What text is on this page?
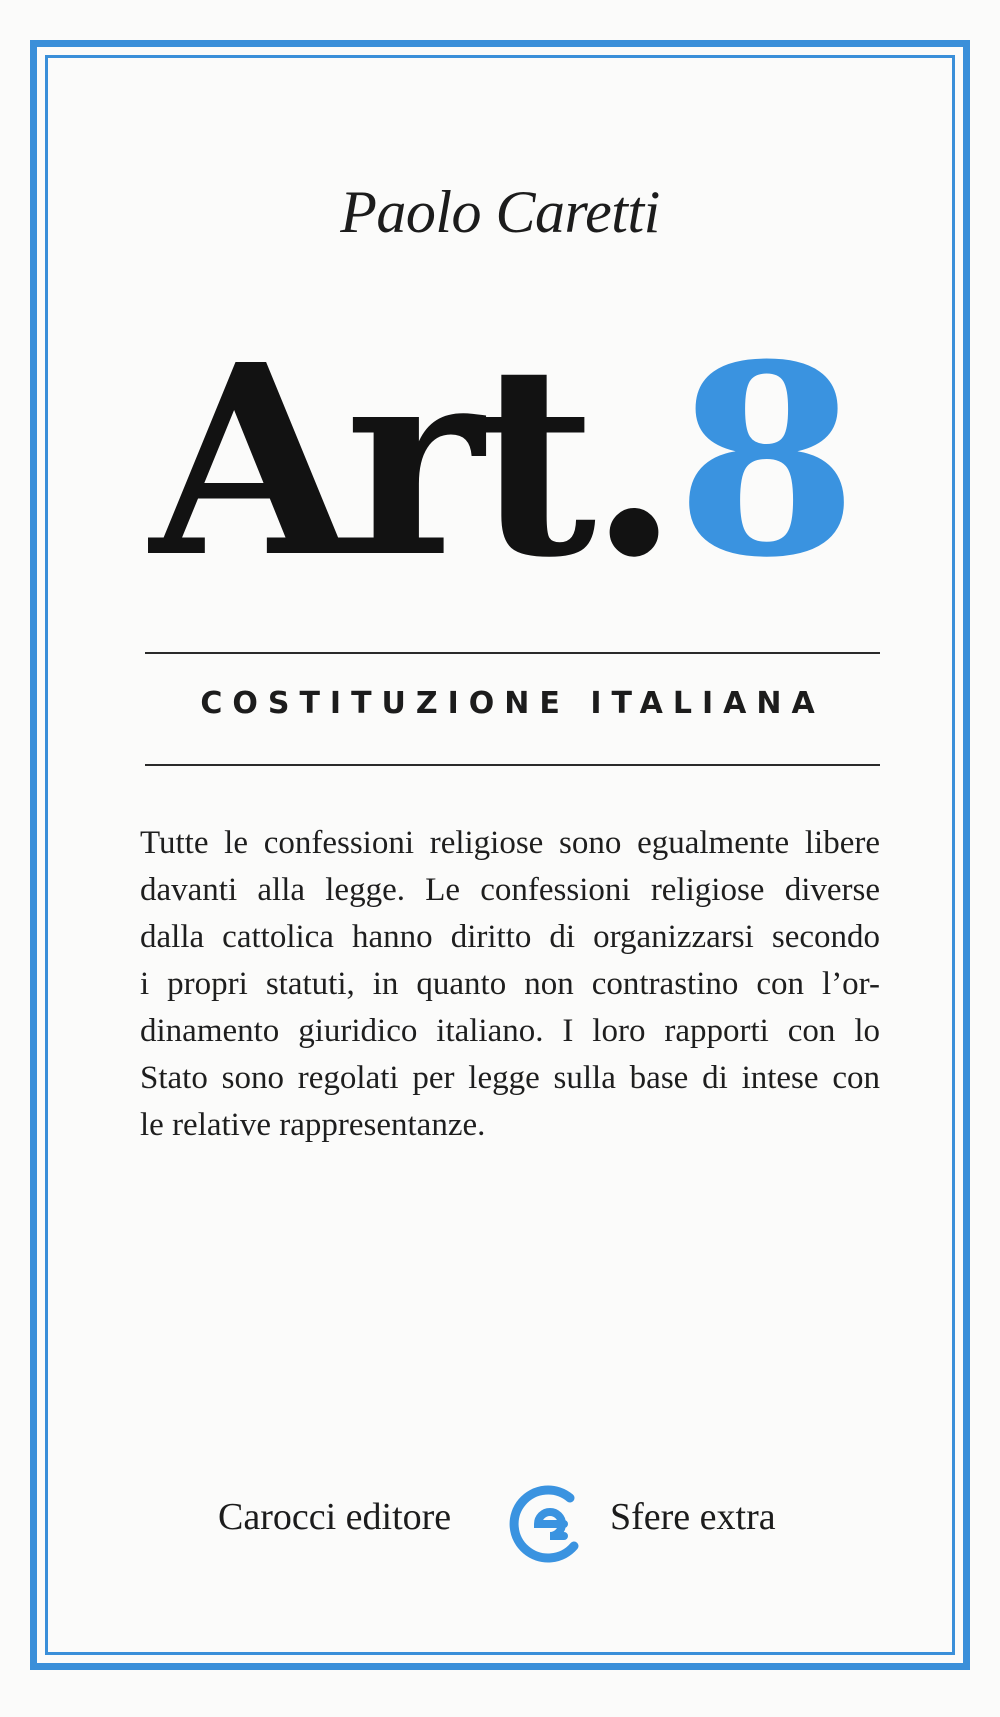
Paolo Caretti
Art.8
COSTITUZIONE ITALIANA

Tutte le confessioni religiose sono egualmente libere
davanti alla legge. Le confessioni religiose diverse
dalla cattolica hanno diritto di organizzarsi secondo
i propri statuti, in quanto non contrastino con l’or-
dinamento giuridico italiano. I loro rapporti con lo
Stato sono regolati per legge sulla base di intese con
le relative rappresentanze.

Carocci editore	Sfere extra
